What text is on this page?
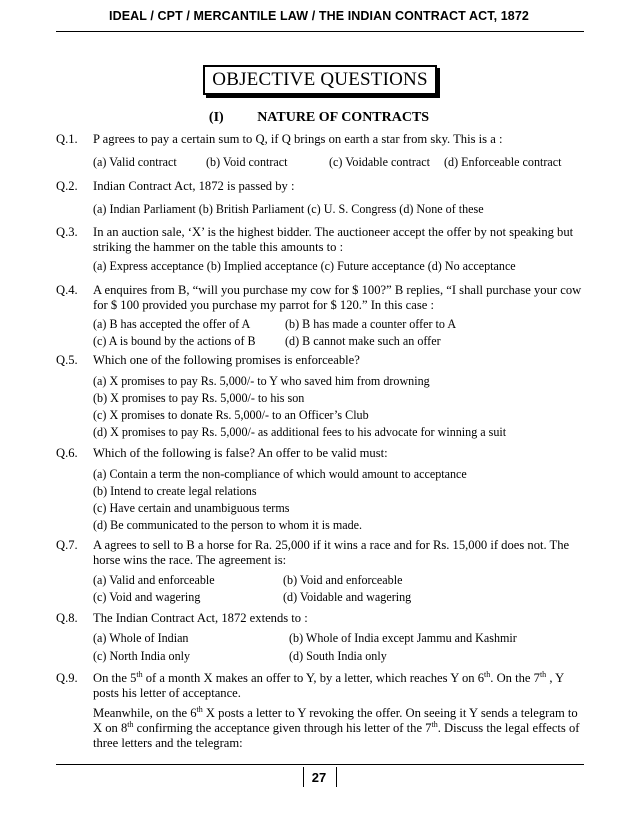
IDEAL / CPT / MERCANTILE LAW / THE INDIAN CONTRACT ACT, 1872
OBJECTIVE QUESTIONS
(I) NATURE OF CONTRACTS
Q.1. P agrees to pay a certain sum to Q, if Q brings on earth a star from sky. This is a :
(a) Valid contract (b) Void contract	(c) Voidable contract (d) Enforceable contract
Q.2. Indian Contract Act, 1872 is passed by :
(a) Indian Parliament (b) British Parliament (c) U. S. Congress (d) None of these
Q.3. In an auction sale, ‘X’ is the highest bidder. The auctioneer accept the offer by not speaking but
striking the hammer on the table this amounts to :
(a) Express acceptance (b) Implied acceptance (c) Future acceptance (d) No acceptance
Q.4. A enquires from B, “will you purchase my cow for $ 100?” B replies, “I shall purchase your cow
for $ 100 provided you purchase my parrot for $ 120.” In this case :
(a) B has accepted the offer of A	(b) B has made a counter offer to A
(c) A is bound by the actions of B (d) B cannot make such an offer
Q.5. Which one of the following promises is enforceable?
(a) X promises to pay Rs. 5,000/- to Y who saved him from drowning
(b) X promises to pay Rs. 5,000/- to his son
(c) X promises to donate Rs. 5,000/- to an Officer’s Club
(d) X promises to pay Rs. 5,000/- as additional fees to his advocate for winning a suit
Q.6. Which of the following is false? An offer to be valid must:
(a) Contain a term the non-compliance of which would amount to acceptance
(b) Intend to create legal relations
(c) Have certain and unambiguous terms
(d) Be communicated to the person to whom it is made.
Q.7. A agrees to sell to B a horse for Ra. 25,000 if it wins a race and for Rs. 15,000 if does not. The
horse wins the race. The agreement is:
(a) Valid and enforceable	(b) Void and enforceable
(c) Void and wagering	(d) Voidable and wagering
Q.8. The Indian Contract Act, 1872 extends to :
(a) Whole of Indian	(b) Whole of India except Jammu and Kashmir
(c) North India only	(d) South India only
Q.9. On the 5th of a month X makes an offer to Y, by a letter, which reaches Y on 6th. On the 7th , Y
posts his letter of acceptance.
Meanwhile, on the 6th X posts a letter to Y revoking the offer. On seeing it Y sends a telegram to
X on 8th confirming the acceptance given through his letter of the 7th. Discuss the legal effects of
three letters and the telegram:
27
